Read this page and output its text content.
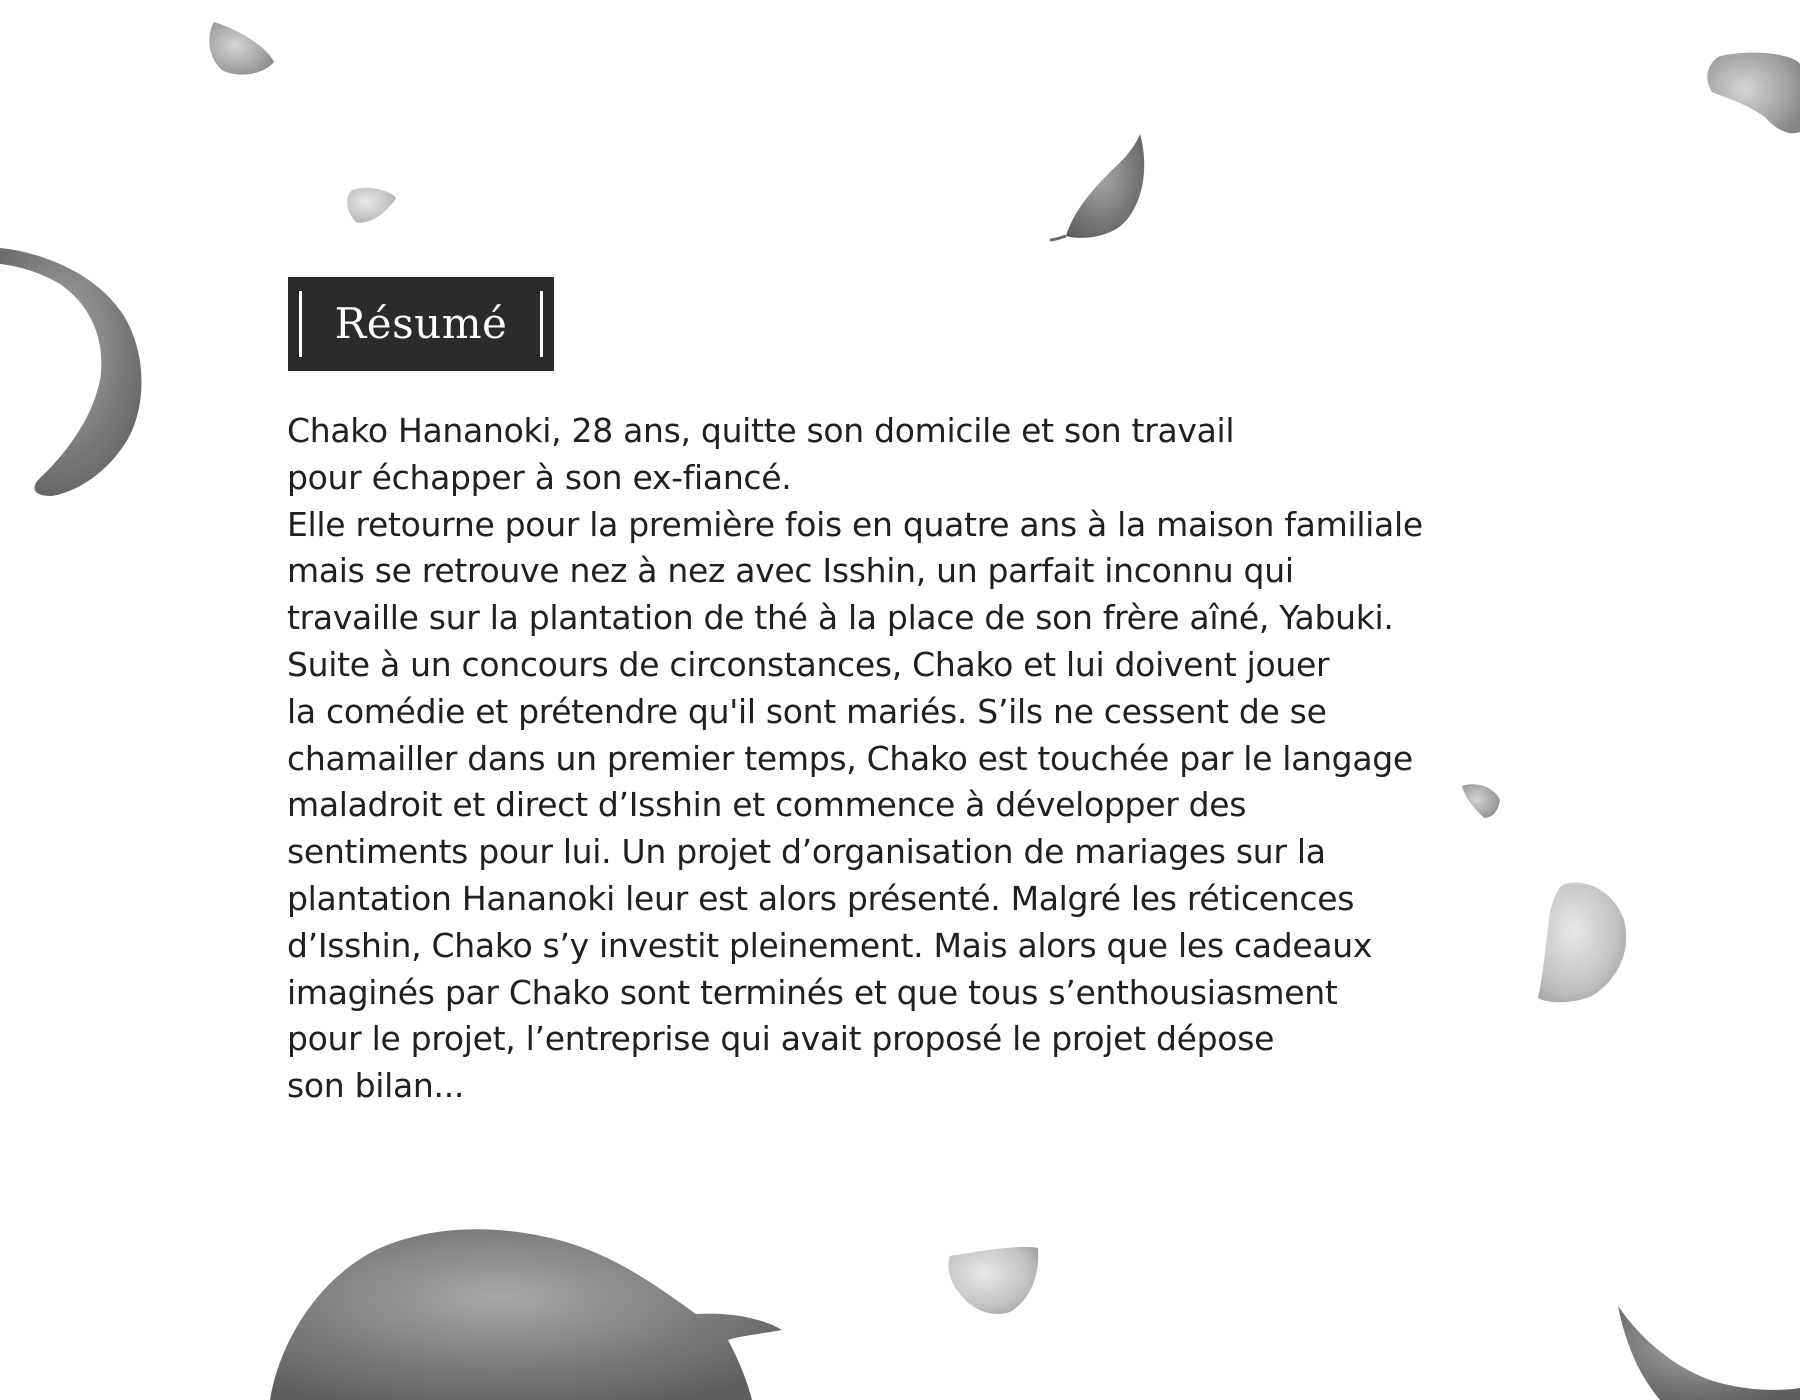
Résumé
Chako Hananoki, 28 ans, quitte son domicile et son travail
pour échapper à son ex-fiancé.
Elle retourne pour la première fois en quatre ans à la maison familiale
mais se retrouve nez à nez avec Isshin, un parfait inconnu qui
travaille sur la plantation de thé à la place de son frère aîné, Yabuki.
Suite à un concours de circonstances, Chako et lui doivent jouer
la comédie et prétendre qu'il sont mariés. S’ils ne cessent de se
chamailler dans un premier temps, Chako est touchée par le langage
maladroit et direct d’Isshin et commence à développer des
sentiments pour lui. Un projet d’organisation de mariages sur la
plantation Hananoki leur est alors présenté. Malgré les réticences
d’Isshin, Chako s’y investit pleinement. Mais alors que les cadeaux
imaginés par Chako sont terminés et que tous s’enthousiasment
pour le projet, l’entreprise qui avait proposé le projet dépose
son bilan...
